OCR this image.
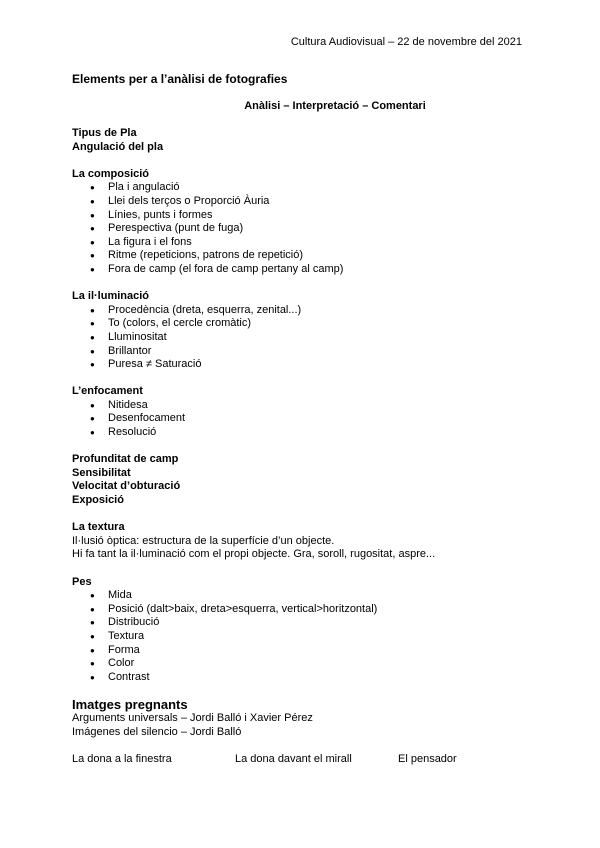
Cultura Audiovisual – 22 de novembre del 2021
Elements per a l’anàlisi de fotografies
Anàlisi – Interpretació – Comentari
Tipus de Pla
Angulació del pla
La composició
● Pla i angulació
● Llei dels terços o Proporció Àuria
● Línies, punts i formes
● Perespectiva (punt de fuga)
● La figura i el fons
● Ritme (repeticions, patrons de repetició)
● Fora de camp (el fora de camp pertany al camp)
La il·luminació
● Procedència (dreta, esquerra, zenital...)
● To (colors, el cercle cromàtic)
● Lluminositat
● Brillantor
● Puresa ≠ Saturació
L’enfocament
● Nitidesa
● Desenfocament
● Resolució
Profunditat de camp
Sensibilitat
Velocitat d’obturació
Exposició
La textura
Il·lusió òptica: estructura de la superfície d’un objecte.
Hi fa tant la il·luminació com el propi objecte. Gra, soroll, rugositat, aspre...
Pes
● Mida
● Posició (dalt>baix, dreta>esquerra, vertical>horitzontal)
● Distribució
● Textura
● Forma
● Color
● Contrast
Imatges pregnants
Arguments universals – Jordi Balló i Xavier Pérez
Imágenes del silencio – Jordi Balló
La dona a la finestra	La dona davant el mirall	El pensador
